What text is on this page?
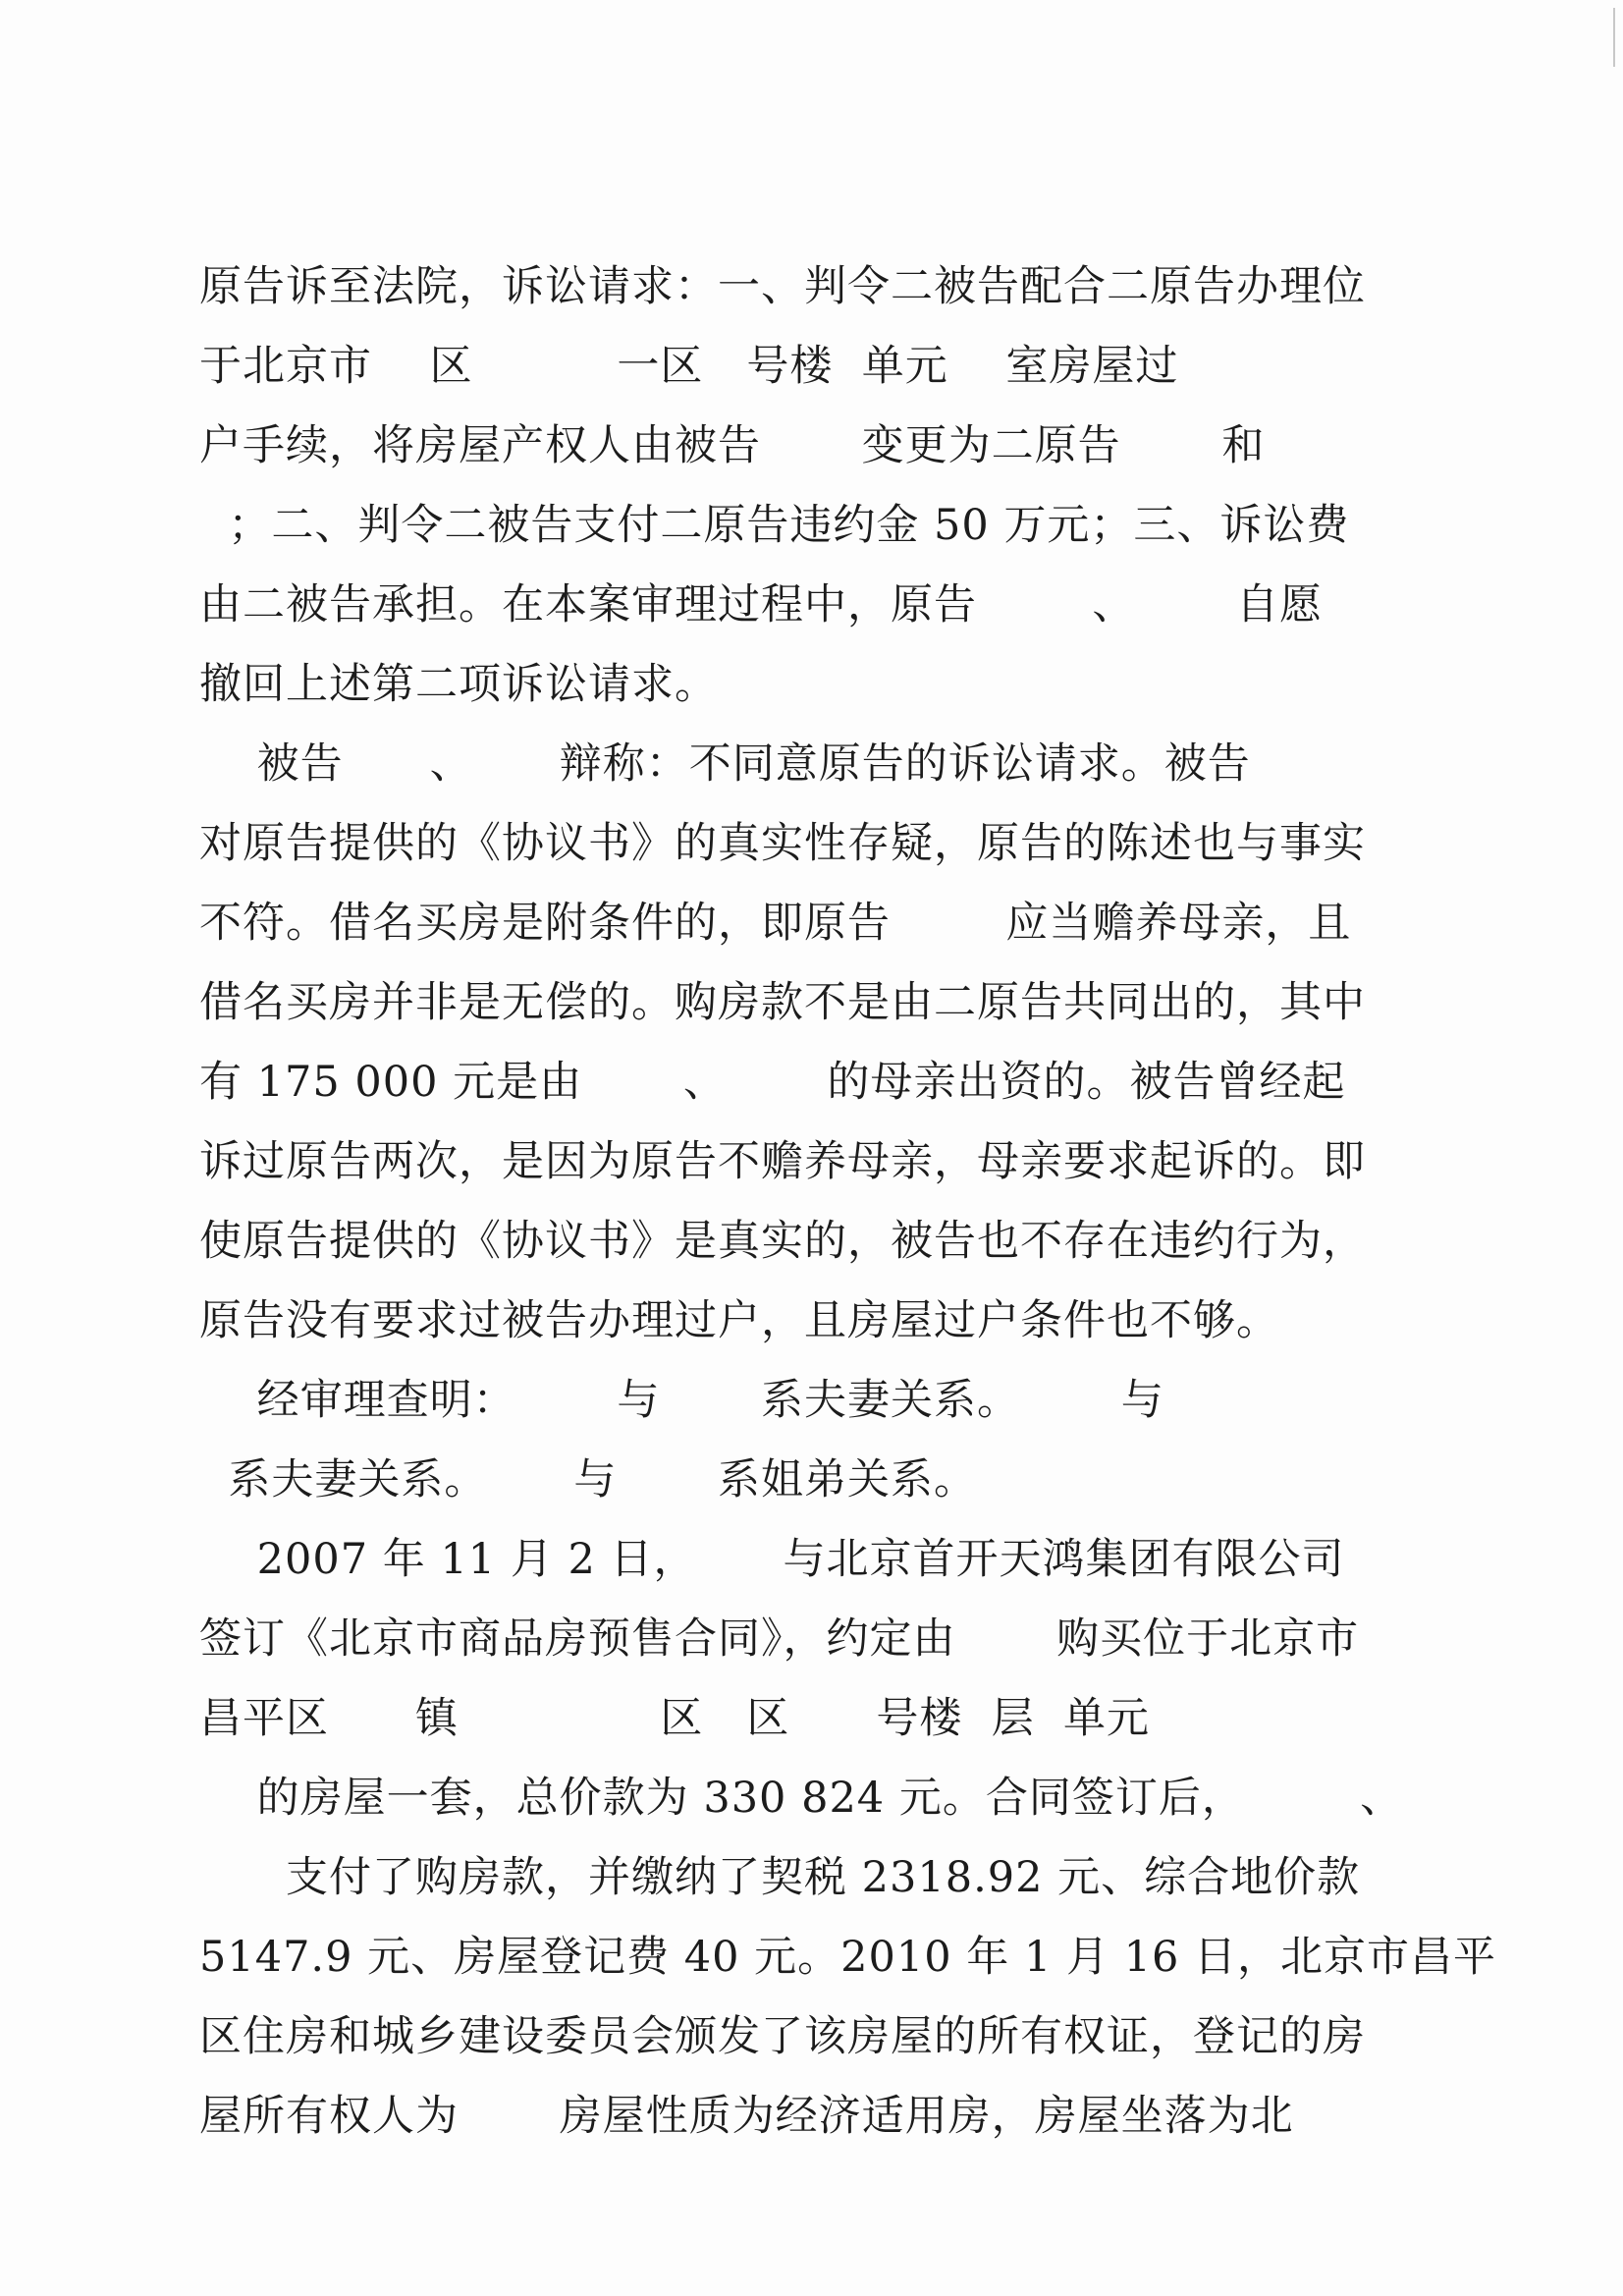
原告诉至法院，诉讼请求：一、判令二被告配合二原告办理位
于北京市    区          一区   号楼  单元    室房屋过
户手续，将房屋产权人由被告       变更为二原告       和
；二、判令二被告支付二原告违约金 50 万元；三、诉讼费
由二被告承担。在本案审理过程中，原告        、       自愿
撤回上述第二项诉讼请求。
被告      、      辩称：不同意原告的诉讼请求。被告
对原告提供的《协议书》的真实性存疑，原告的陈述也与事实
不符。借名买房是附条件的，即原告        应当赡养母亲，且
借名买房并非是无偿的。购房款不是由二原告共同出的，其中
有 175 000 元是由       、       的母亲出资的。被告曾经起
诉过原告两次，是因为原告不赡养母亲，母亲要求起诉的。即
使原告提供的《协议书》是真实的，被告也不存在违约行为，
原告没有要求过被告办理过户，且房屋过户条件也不够。
经审理查明：       与       系夫妻关系。       与
系夫妻关系。      与       系姐弟关系。
2007 年 11 月 2 日，      与北京首开天鸿集团有限公司
签订《北京市商品房预售合同》，约定由       购买位于北京市
昌平区      镇              区   区      号楼  层  单元
的房屋一套，总价款为 330 824 元。合同签订后，        、
支付了购房款，并缴纳了契税 2318.92 元、综合地价款
5147.9 元、房屋登记费 40 元。2010 年 1 月 16 日，北京市昌平
区住房和城乡建设委员会颁发了该房屋的所有权证，登记的房
屋所有权人为       房屋性质为经济适用房，房屋坐落为北
